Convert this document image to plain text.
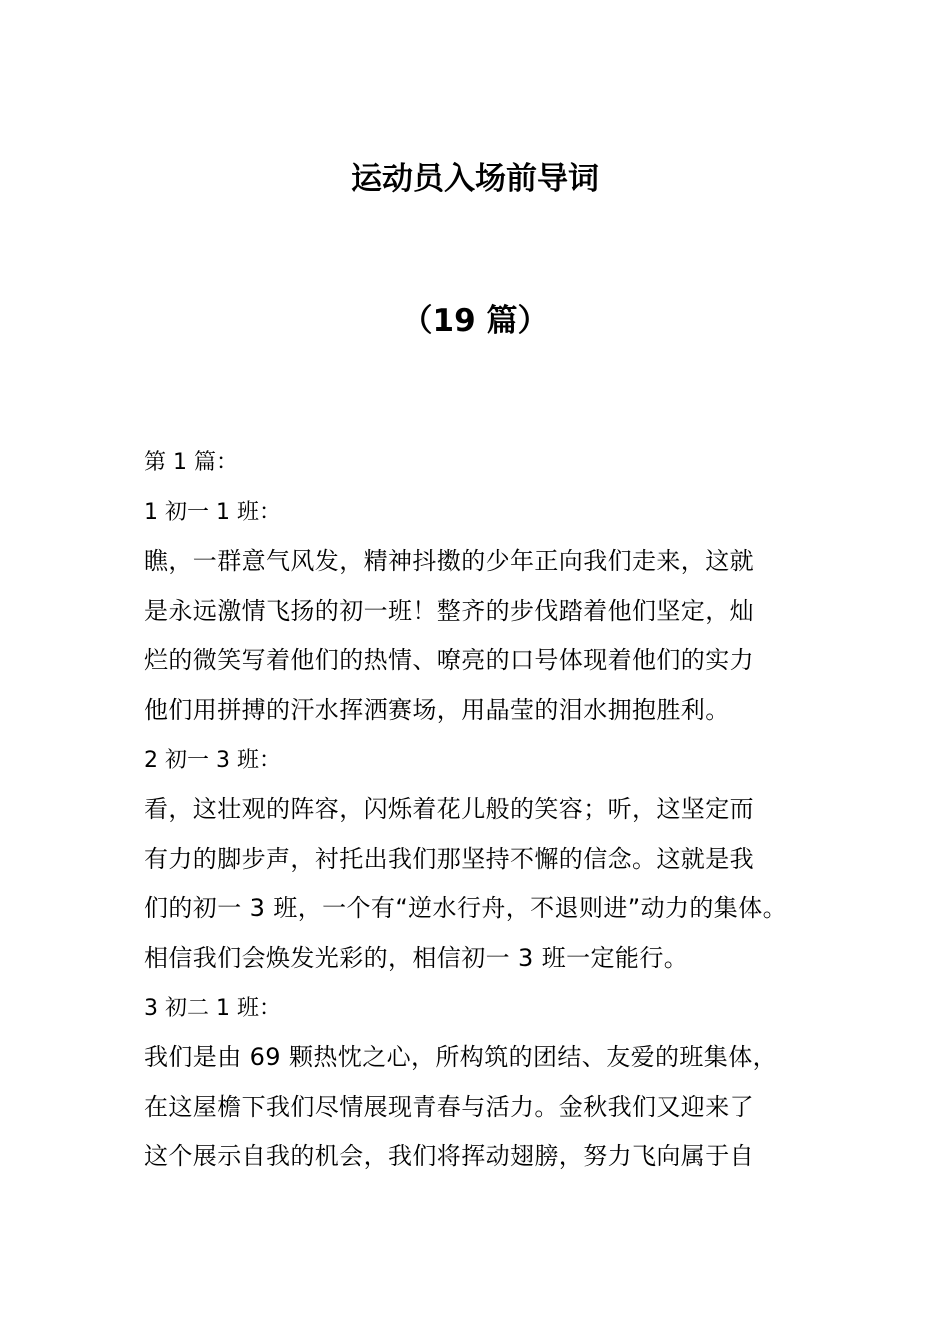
运动员入场前导词
（19 篇）
第 1 篇：
1 初一 1 班：
瞧，一群意气风发，精神抖擞的少年正向我们走来，这就
是永远激情飞扬的初一班！整齐的步伐踏着他们坚定，灿
烂的微笑写着他们的热情、嘹亮的口号体现着他们的实力
他们用拼搏的汗水挥洒赛场，用晶莹的泪水拥抱胜利。
2 初一 3 班：
看，这壮观的阵容，闪烁着花儿般的笑容；听，这坚定而
有力的脚步声，衬托出我们那坚持不懈的信念。这就是我
们的初一 3 班，一个有“逆水行舟，不退则进”动力的集体。
相信我们会焕发光彩的，相信初一 3 班一定能行。
3 初二 1 班：
我们是由 69 颗热忱之心，所构筑的团结、友爱的班集体，
在这屋檐下我们尽情展现青春与活力。金秋我们又迎来了
这个展示自我的机会，我们将挥动翅膀，努力飞向属于自
